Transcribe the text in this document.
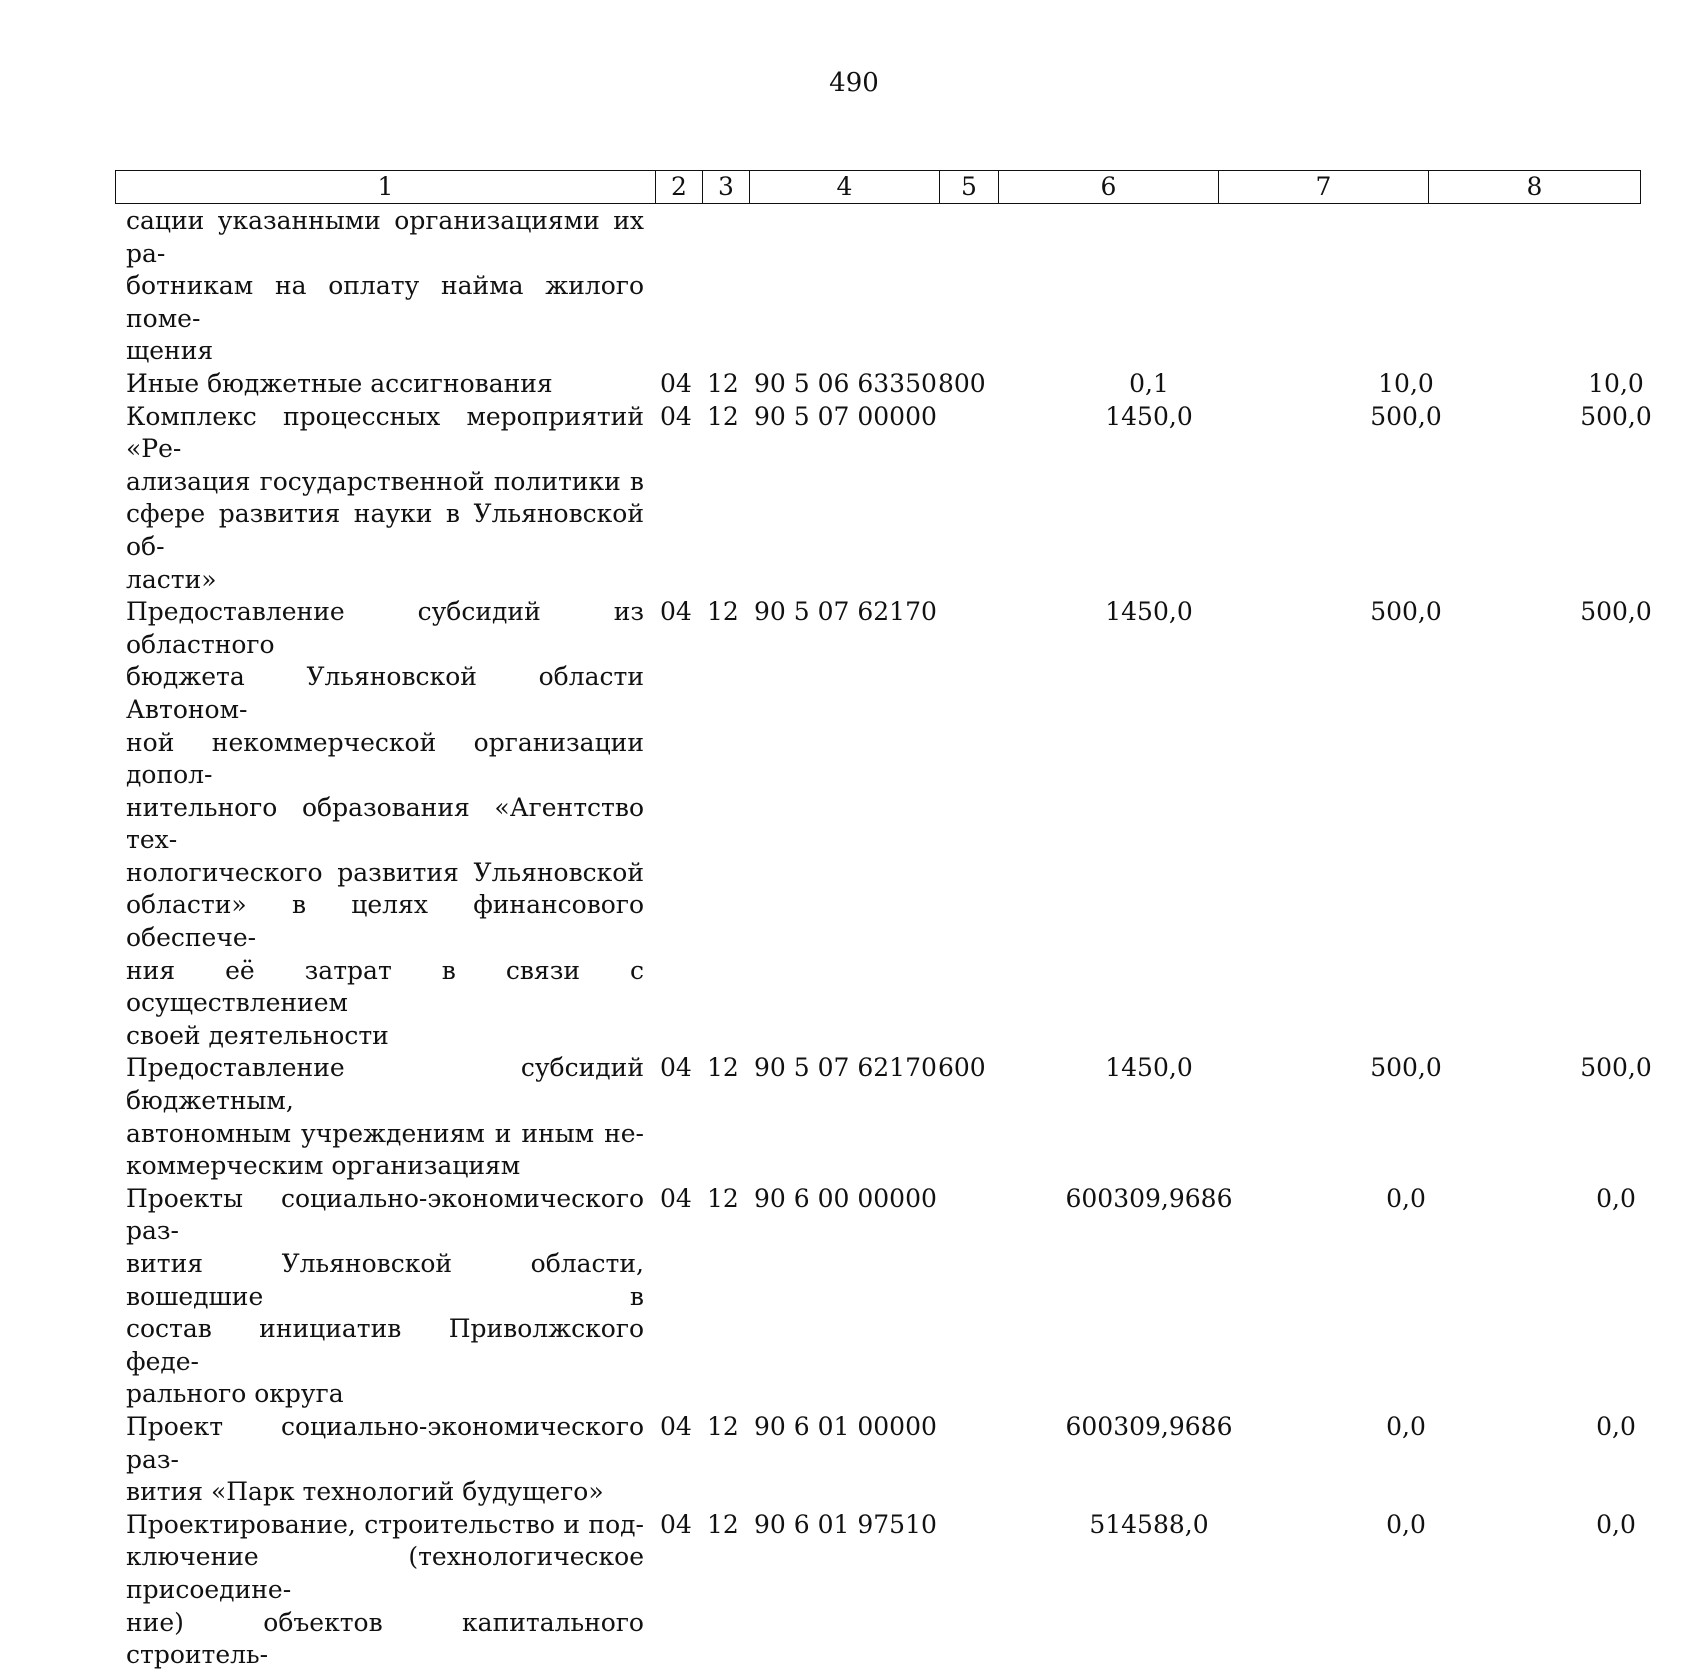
490
1	2	3	4	5	6	7	8
сации указанными организациями их ра-
ботникам на оплату найма жилого поме-
щения
Иные бюджетные ассигнования	04 12 90 5 06 63350 800	0,1	10,0	10,0
Комплекс процессных мероприятий «Ре-
ализация государственной политики в
сфере развития науки в Ульяновской об-
ласти»
04 12 90 5 07 00000	1450,0	500,0	500,0
Предоставление субсидий из областного
бюджета Ульяновской области Автоном-
ной некоммерческой организации допол-
нительного образования «Агентство тех-
нологического развития Ульяновской
области» в целях финансового обеспече-
ния её затрат в связи с осуществлением
своей деятельности
04 12 90 5 07 62170	1450,0	500,0	500,0
Предоставление субсидий бюджетным,
автономным учреждениям и иным не-
коммерческим организациям
04 12 90 5 07 62170 600	1450,0	500,0	500,0
Проекты социально-экономического раз-
вития Ульяновской области, вошедшие в
состав инициатив Приволжского феде-
рального округа
04 12 90 6 00 00000	600309,9686	0,0	0,0
Проект социально-экономического раз-
вития «Парк технологий будущего»
04 12 90 6 01 00000	600309,9686	0,0	0,0
Проектирование, строительство и под-
ключение (технологическое присоедине-
ние) объектов капитального строитель-
04 12 90 6 01 97510	514588,0	0,0	0,0
